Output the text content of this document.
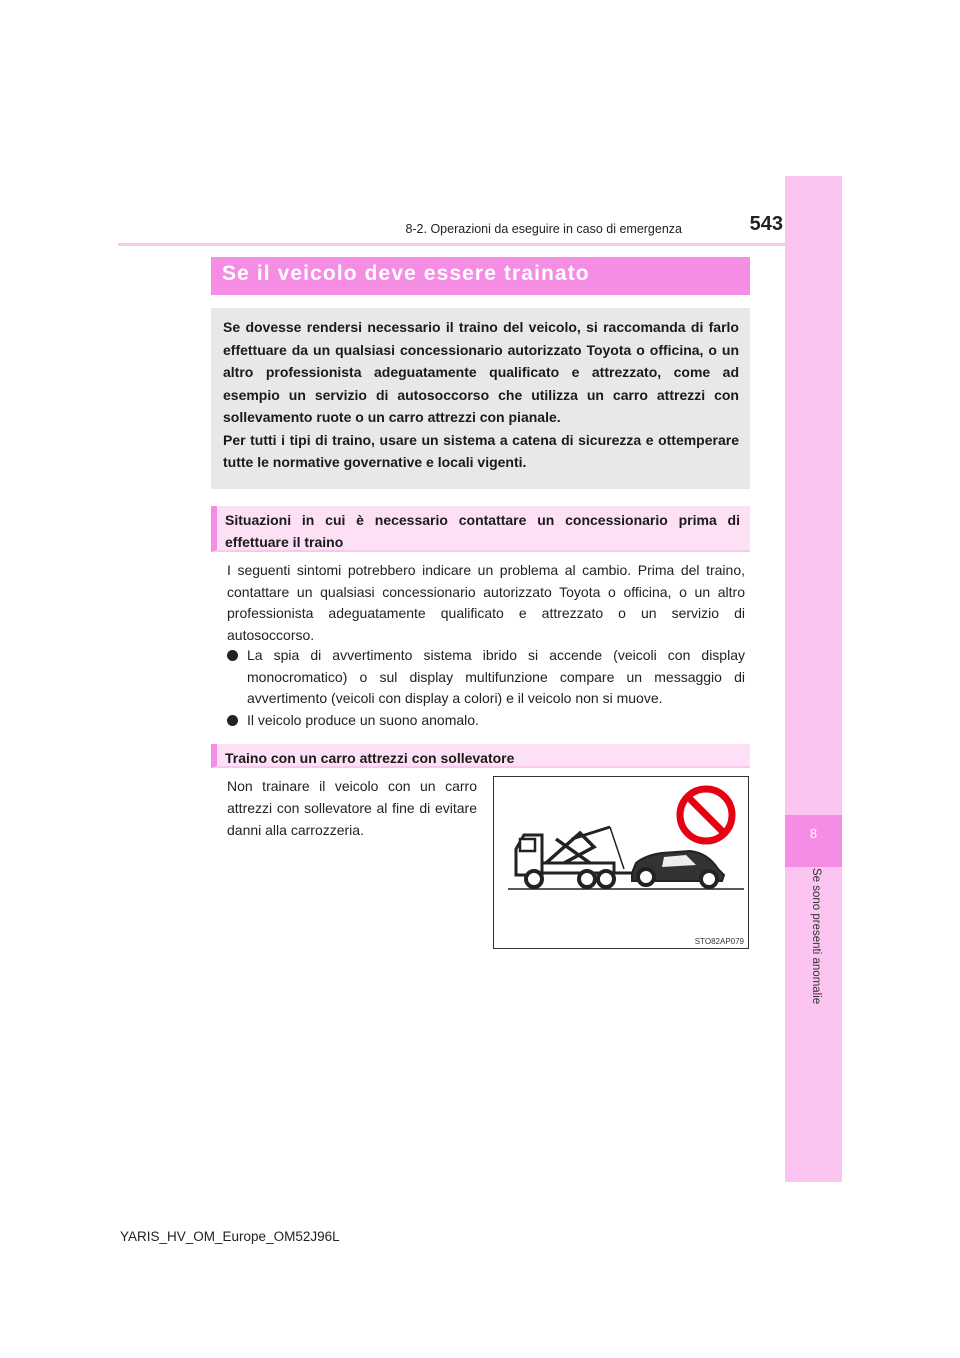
8
Se sono presenti anomalie
8-2. Operazioni da eseguire in caso di emergenza	543
Se il veicolo deve essere trainato

Se dovesse rendersi necessario il traino del veicolo, si raccomanda di farlo effettuare da un qualsiasi concessionario autorizzato Toyota o officina, o un altro professionista adeguatamente qualificato e attrezzato, come ad esempio un servizio di autosoccorso che utilizza un carro attrezzi con sollevamento ruote o un carro attrezzi con pianale.
Per tutti i tipi di traino, usare un sistema a catena di sicurezza e ottemperare tutte le normative governative e locali vigenti.

Situazioni in cui è necessario contattare un concessionario prima di effettuare il traino

I seguenti sintomi potrebbero indicare un problema al cambio. Prima del traino, contattare un qualsiasi concessionario autorizzato Toyota o officina, o un altro professionista adeguatamente qualificato e attrezzato o un servizio di autosoccorso.

La spia di avvertimento sistema ibrido si accende (veicoli con display monocromatico) o sul display multifunzione compare un messaggio di avvertimento (veicoli con display a colori) e il veicolo non si muove.
Il veicolo produce un suono anomalo.
Traino con un carro attrezzi con sollevatore

Non trainare il veicolo con un carro attrezzi con sollevatore al fine di evitare danni alla carrozzeria.

STO82AP079
YARIS_HV_OM_Europe_OM52J96L
